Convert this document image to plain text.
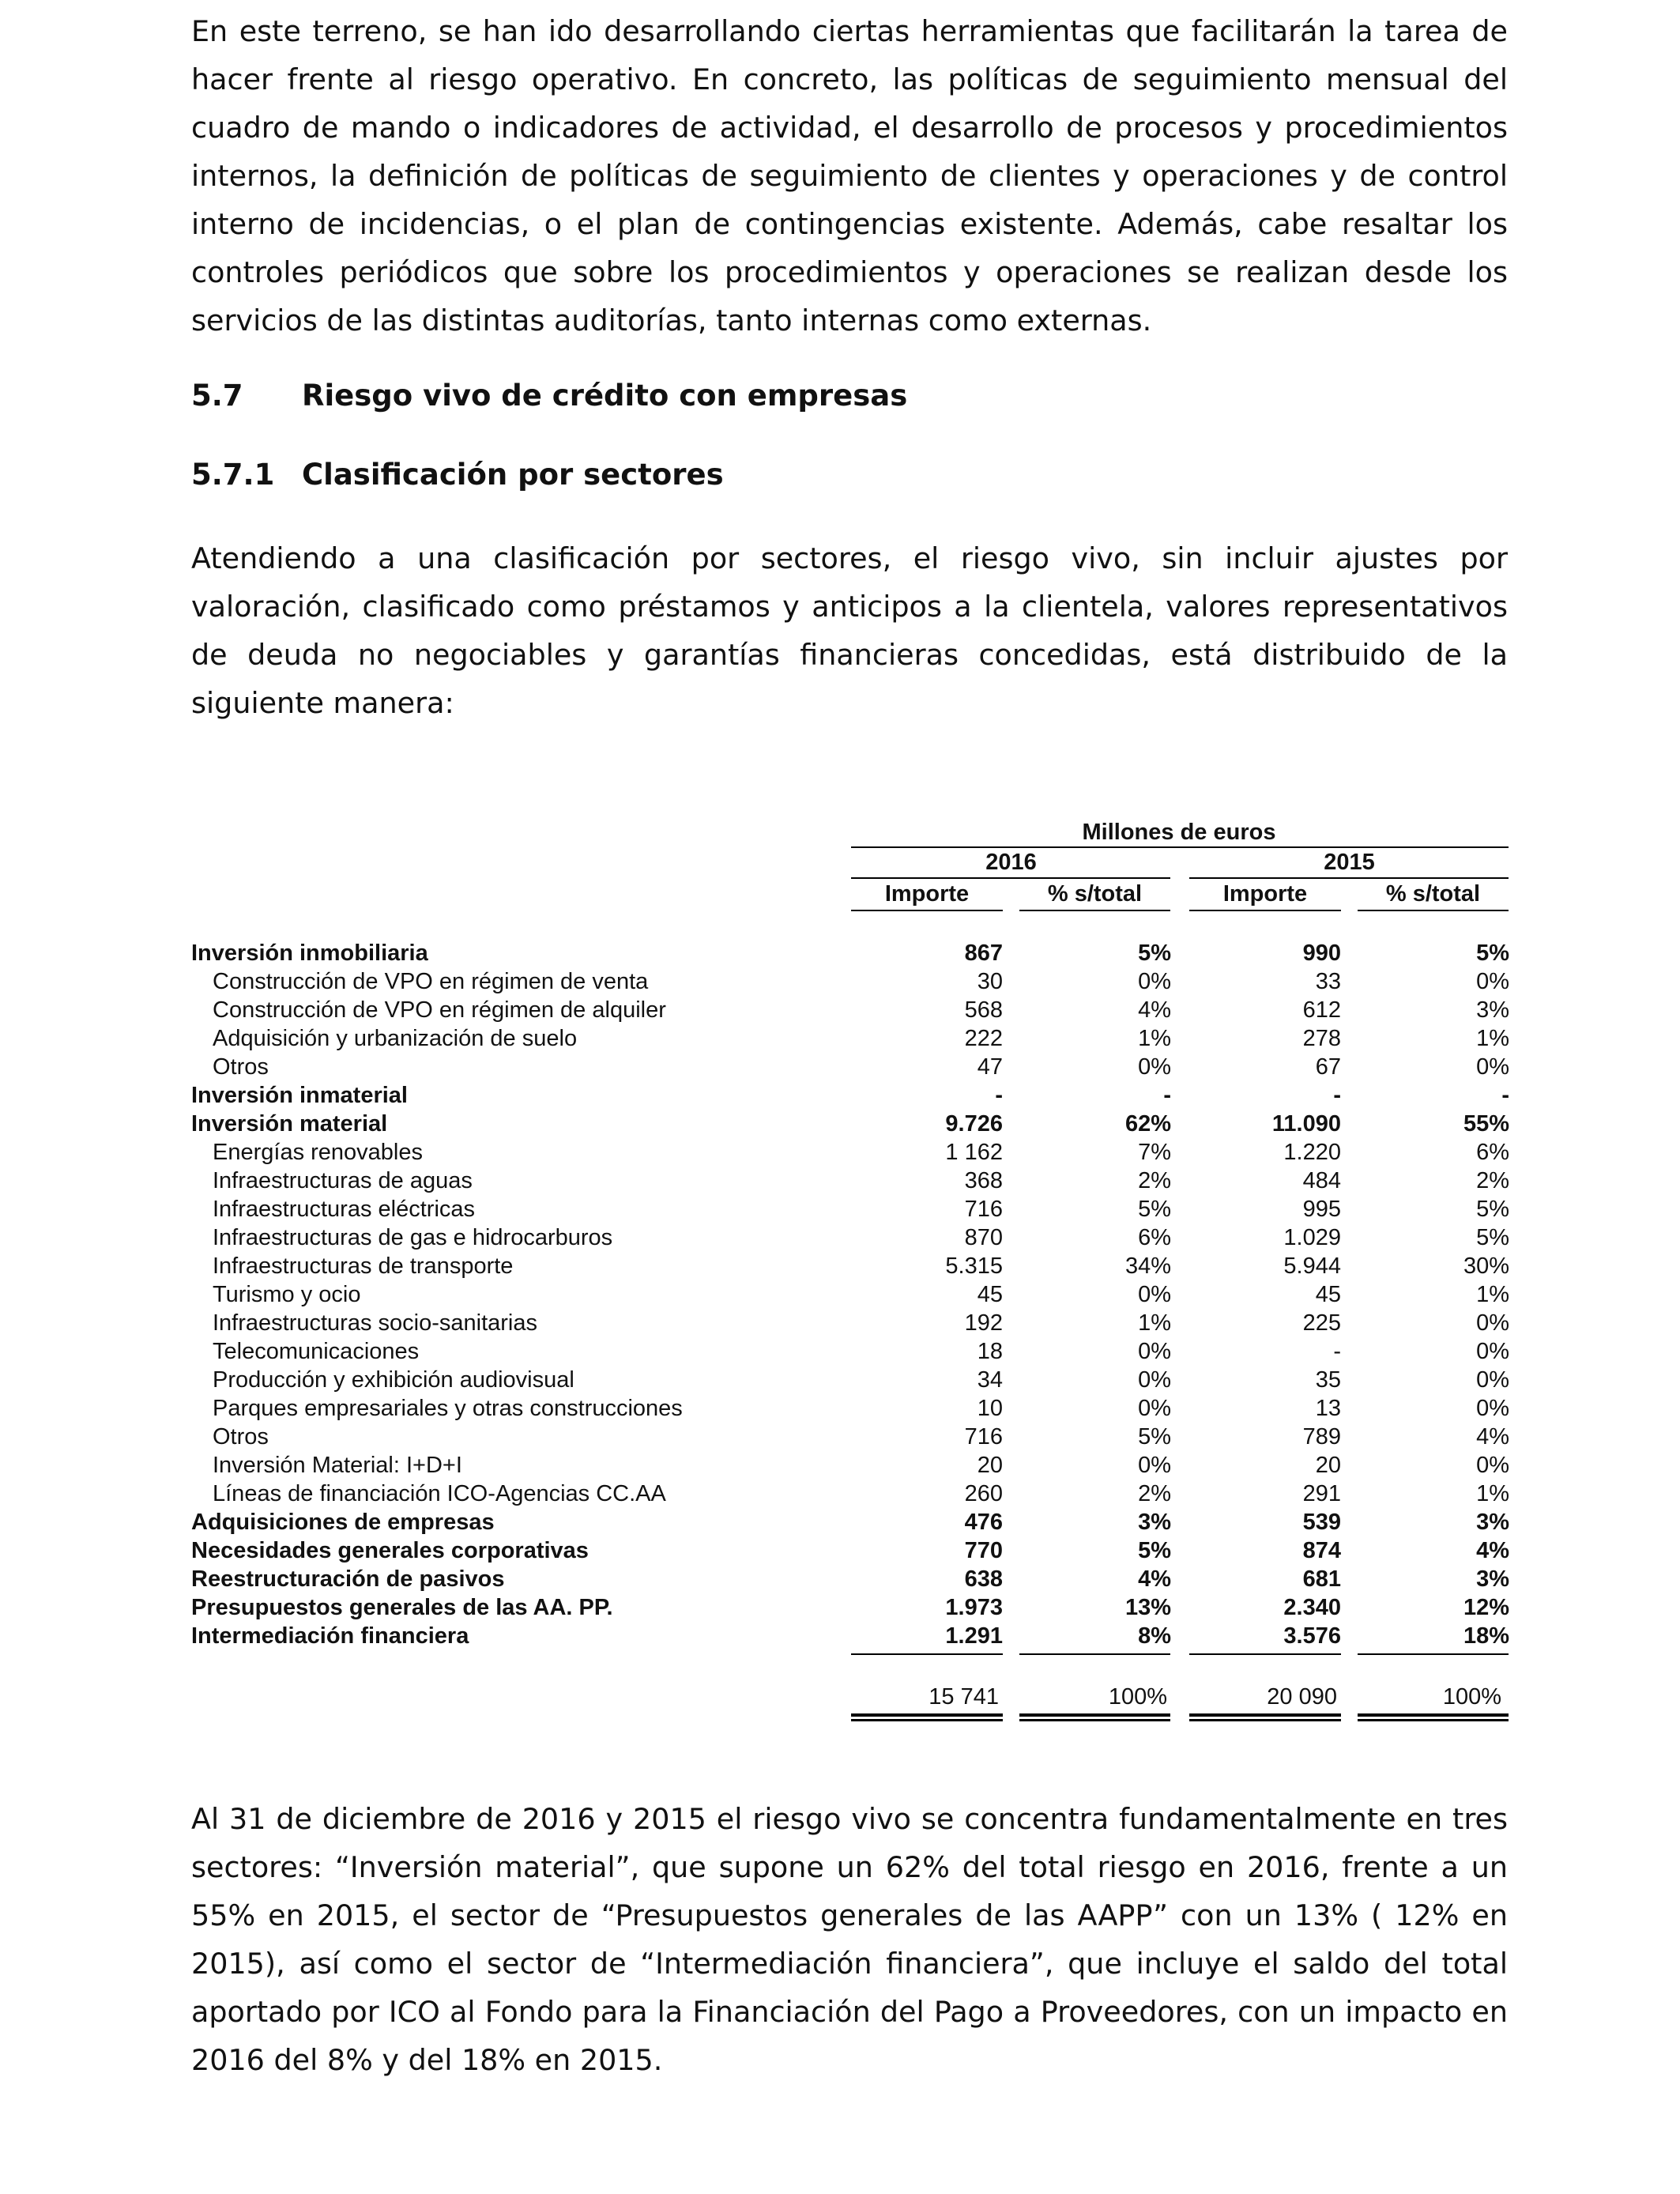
En este terreno, se han ido desarrollando ciertas herramientas que facilitarán la tarea de hacer frente al riesgo operativo. En concreto, las políticas de seguimiento mensual del cuadro de mando o indicadores de actividad, el desarrollo de procesos y procedimientos internos, la definición de políticas de seguimiento de clientes y operaciones y de control interno de incidencias, o el plan de contingencias existente. Además, cabe resaltar los controles periódicos que sobre los procedimientos y operaciones se realizan desde los servicios de las distintas auditorías, tanto internas como externas.

5.7 Riesgo vivo de crédito con empresas
5.7.1 Clasificación por sectores

Atendiendo a una clasificación por sectores, el riesgo vivo, sin incluir ajustes por valoración, clasificado como préstamos y anticipos a la clientela, valores representativos de deuda no negociables y garantías financieras concedidas, está distribuido de la siguiente manera:

Millones de euros
2016	2015
Importe	% s/total	Importe	% s/total
Inversión inmobiliaria	867	5%	990	5%
Construcción de VPO en régimen de venta	30	0%	33	0%
Construcción de VPO en régimen de alquiler	568	4%	612	3%
Adquisición y urbanización de suelo	222	1%	278	1%
Otros	47	0%	67	0%
Inversión inmaterial	-	-	-	-
Inversión material	9.726	62%	11.090	55%
Energías renovables	1 162	7%	1.220	6%
Infraestructuras de aguas	368	2%	484	2%
Infraestructuras eléctricas	716	5%	995	5%
Infraestructuras de gas e hidrocarburos	870	6%	1.029	5%
Infraestructuras de transporte	5.315	34%	5.944	30%
Turismo y ocio	45	0%	45	1%
Infraestructuras socio-sanitarias	192	1%	225	0%
Telecomunicaciones	18	0%	-	0%
Producción y exhibición audiovisual	34	0%	35	0%
Parques empresariales y otras construcciones	10	0%	13	0%
Otros	716	5%	789	4%
Inversión Material: I+D+I	20	0%	20	0%
Líneas de financiación ICO-Agencias CC.AA	260	2%	291	1%
Adquisiciones de empresas	476	3%	539	3%
Necesidades generales corporativas	770	5%	874	4%
Reestructuración de pasivos	638	4%	681	3%
Presupuestos generales de las AA. PP.	1.973	13%	2.340	12%
Intermediación financiera	1.291	8%	3.576	18%
15 741	100%	20 090	100%

Al 31 de diciembre de 2016 y 2015 el riesgo vivo se concentra fundamentalmente en tres sectores: “Inversión material”, que supone un 62% del total riesgo en 2016, frente a un 55% en 2015, el sector de “Presupuestos generales de las AAPP” con un 13% ( 12% en 2015), así como el sector de “Intermediación financiera”, que incluye el saldo del total aportado por ICO al Fondo para la Financiación del Pago a Proveedores, con un impacto en 2016 del 8% y del 18% en 2015.
